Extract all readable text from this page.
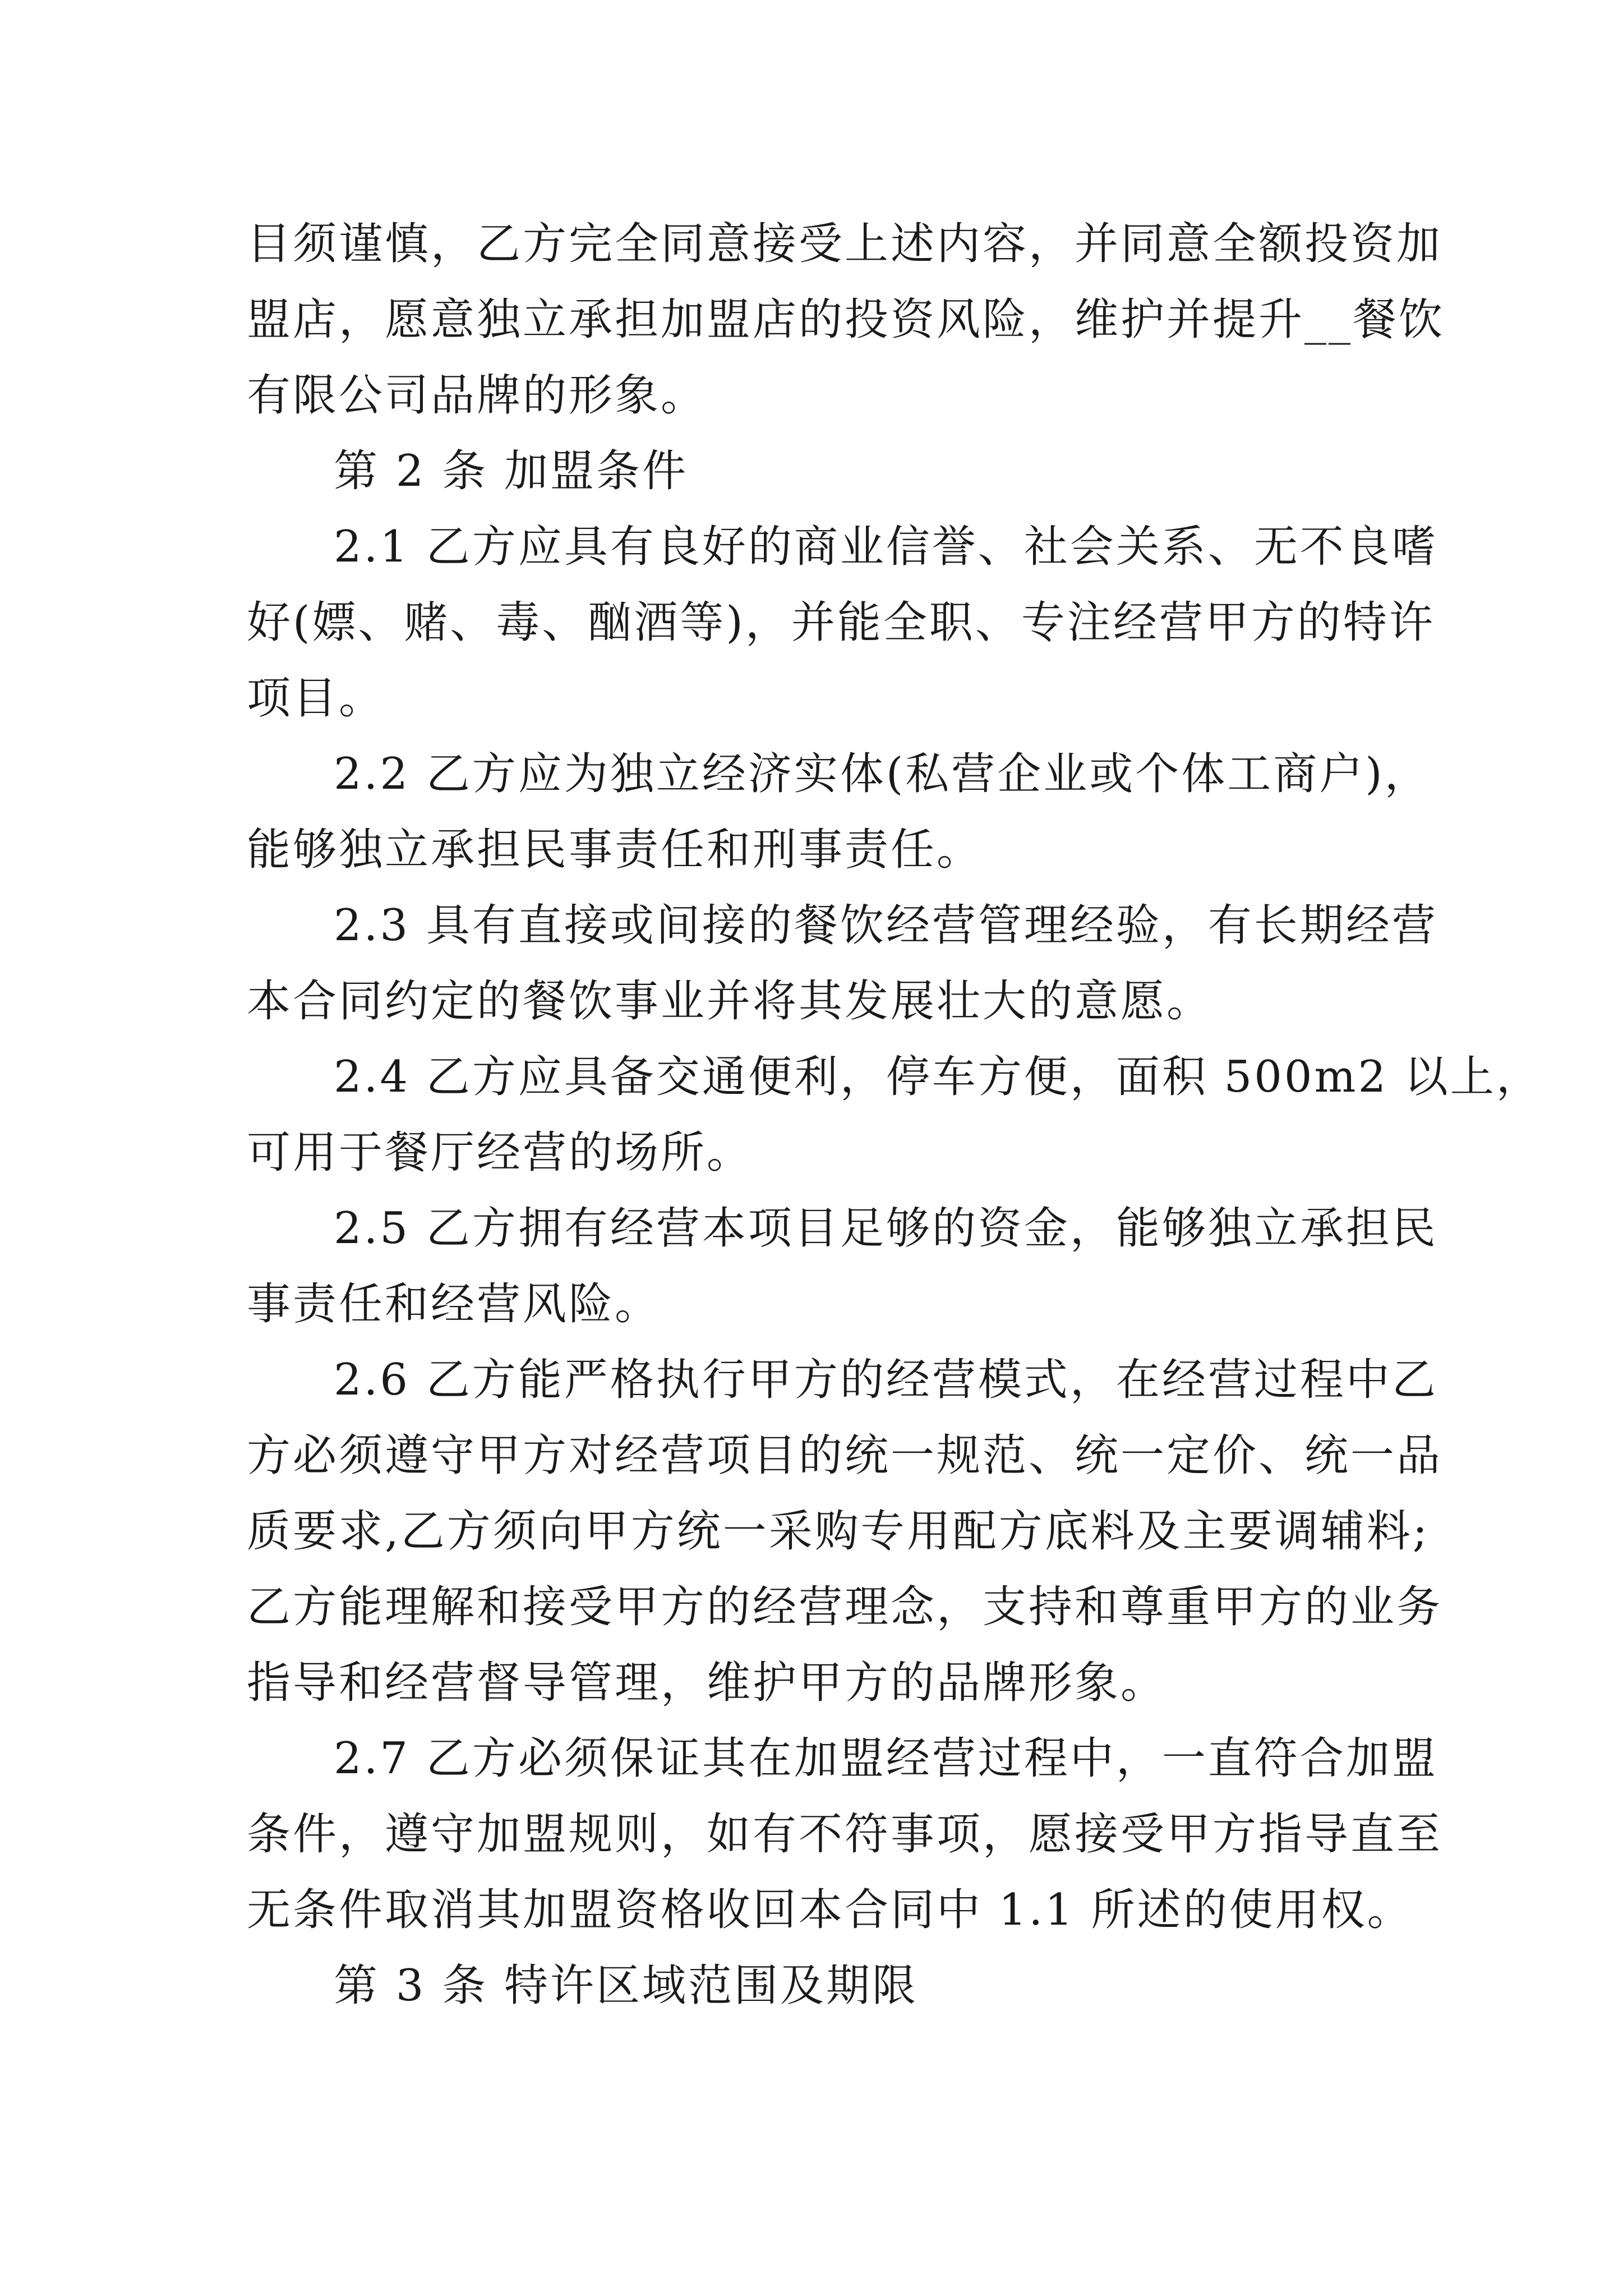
目须谨慎，乙方完全同意接受上述内容，并同意全额投资加
盟店，愿意独立承担加盟店的投资风险，维护并提升__餐饮
有限公司品牌的形象。
第 2 条 加盟条件
2.1 乙方应具有良好的商业信誉、社会关系、无不良嗜
好(嫖、赌、毒、酗酒等)，并能全职、专注经营甲方的特许
项目。
2.2 乙方应为独立经济实体(私营企业或个体工商户)，
能够独立承担民事责任和刑事责任。
2.3 具有直接或间接的餐饮经营管理经验，有长期经营
本合同约定的餐饮事业并将其发展壮大的意愿。
2.4 乙方应具备交通便利，停车方便，面积 500m2 以上，
可用于餐厅经营的场所。
2.5 乙方拥有经营本项目足够的资金，能够独立承担民
事责任和经营风险。
2.6 乙方能严格执行甲方的经营模式，在经营过程中乙
方必须遵守甲方对经营项目的统一规范、统一定价、统一品
质要求,乙方须向甲方统一采购专用配方底料及主要调辅料;
乙方能理解和接受甲方的经营理念，支持和尊重甲方的业务
指导和经营督导管理，维护甲方的品牌形象。
2.7 乙方必须保证其在加盟经营过程中，一直符合加盟
条件，遵守加盟规则，如有不符事项，愿接受甲方指导直至
无条件取消其加盟资格收回本合同中 1.1 所述的使用权。
第 3 条 特许区域范围及期限
